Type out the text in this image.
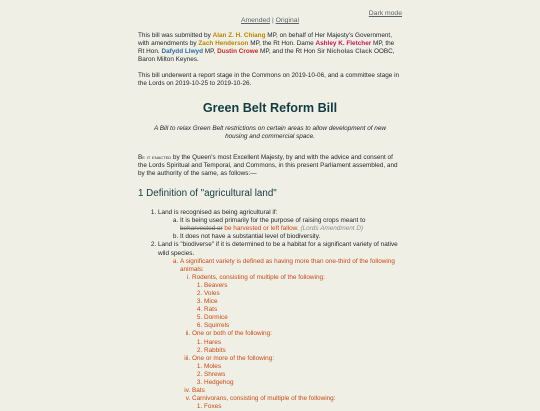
Dark mode
Amended | Original

This bill was submitted by Alan Z. H. Chiang MP, on behalf of Her Majesty's Government, with amendments by Zach Henderson MP, the Rt Hon. Dame Ashley K. Fletcher MP, the Rt Hon. Dafydd Llwyd MP, Dustin Crowe MP, and the Rt Hon Sir Nicholas Clack OOBC, Baron Milton Keynes.

This bill underwent a report stage in the Commons on 2019-10-06, and a committee stage in the Lords on 2019-10-25 to 2019-10-26.

Green Belt Reform Bill

A Bill to relax Green Belt restrictions on certain areas to allow development of new housing and commercial space.

Be it enacted by the Queen's most Excellent Majesty, by and with the advice and consent of the Lords Spiritual and Temporal, and Commons, in this present Parliament assembled, and by the authority of the same, as follows:—

1 Definition of "agricultural land"
1. Land is recognised as being agricultural if:
a. It is being used primarily for the purpose of raising crops meant to beharvested or be harvested or left fallow. (Lords Amendment D)
b. It does not have a substantial level of biodiversity.
2. Land is "biodiverse" if it is determined to be a habitat for a significant variety of native wild species.
a. A significant variety is defined as having more than one-third of the following animals:
i. Rodents, consisting of multiple of the following:
1. Beavers
2. Voles
3. Mice
4. Rats
5. Dormice
6. Squirrels
ii. One or both of the following:
1. Hares
2. Rabbits
iii. One or more of the following:
1. Moles
2. Shrews
3. Hedgehog
iv. Bats
v. Carnivorans, consisting of multiple of the following:
1. Foxes
